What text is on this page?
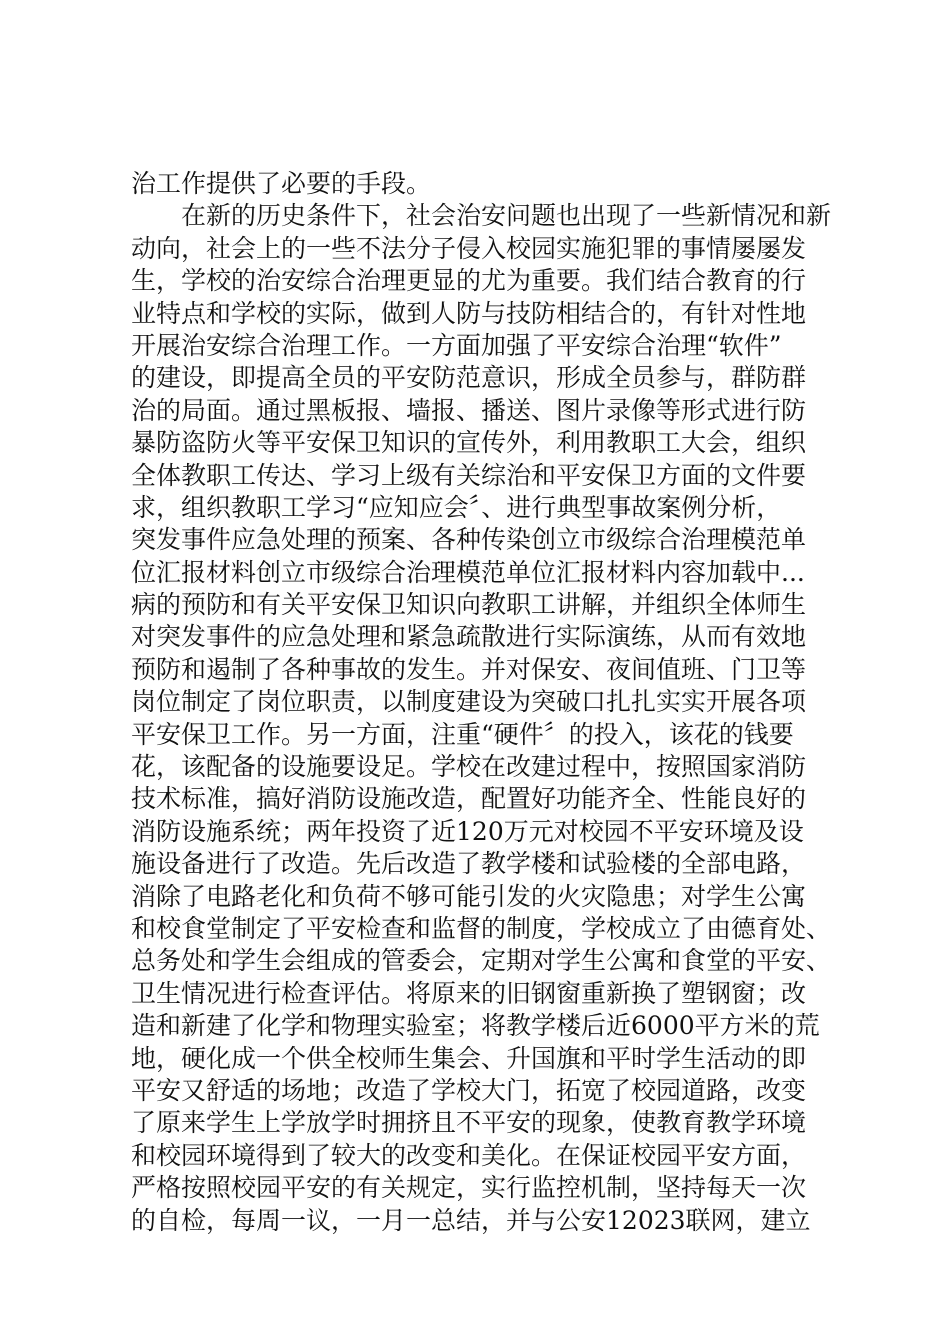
治工作提供了必要的手段。
　　在新的历史条件下，社会治安问题也出现了一些新情况和新
动向，社会上的一些不法分子侵入校园实施犯罪的事情屡屡发
生，学校的治安综合治理更显的尤为重要。我们结合教育的行
业特点和学校的实际，做到人防与技防相结合的，有针对性地
开展治安综合治理工作。一方面加强了平安综合治理“软件”
的建设，即提高全员的平安防范意识，形成全员参与，群防群
治的局面。通过黑板报、墙报、播送、图片录像等形式进行防
暴防盗防火等平安保卫知识的宣传外，利用教职工大会，组织
全体教职工传达、学习上级有关综治和平安保卫方面的文件要
求，组织教职工学习“应知应会〞、进行典型事故案例分析，
突发事件应急处理的预案、各种传染创立市级综合治理模范单
位汇报材料创立市级综合治理模范单位汇报材料内容加载中...
病的预防和有关平安保卫知识向教职工讲解，并组织全体师生
对突发事件的应急处理和紧急疏散进行实际演练，从而有效地
预防和遏制了各种事故的发生。并对保安、夜间值班、门卫等
岗位制定了岗位职责，以制度建设为突破口扎扎实实开展各项
平安保卫工作。另一方面，注重“硬件〞的投入，该花的钱要
花，该配备的设施要设足。学校在改建过程中，按照国家消防
技术标准，搞好消防设施改造，配置好功能齐全、性能良好的
消防设施系统；两年投资了近120万元对校园不平安环境及设
施设备进行了改造。先后改造了教学楼和试验楼的全部电路，
消除了电路老化和负荷不够可能引发的火灾隐患；对学生公寓
和校食堂制定了平安检查和监督的制度，学校成立了由德育处、
总务处和学生会组成的管委会，定期对学生公寓和食堂的平安、
卫生情况进行检查评估。将原来的旧钢窗重新换了塑钢窗；改
造和新建了化学和物理实验室；将教学楼后近6000平方米的荒
地，硬化成一个供全校师生集会、升国旗和平时学生活动的即
平安又舒适的场地；改造了学校大门，拓宽了校园道路，改变
了原来学生上学放学时拥挤且不平安的现象，使教育教学环境
和校园环境得到了较大的改变和美化。在保证校园平安方面，
严格按照校园平安的有关规定，实行监控机制，坚持每天一次
的自检，每周一议，一月一总结，并与公安12023联网，建立
